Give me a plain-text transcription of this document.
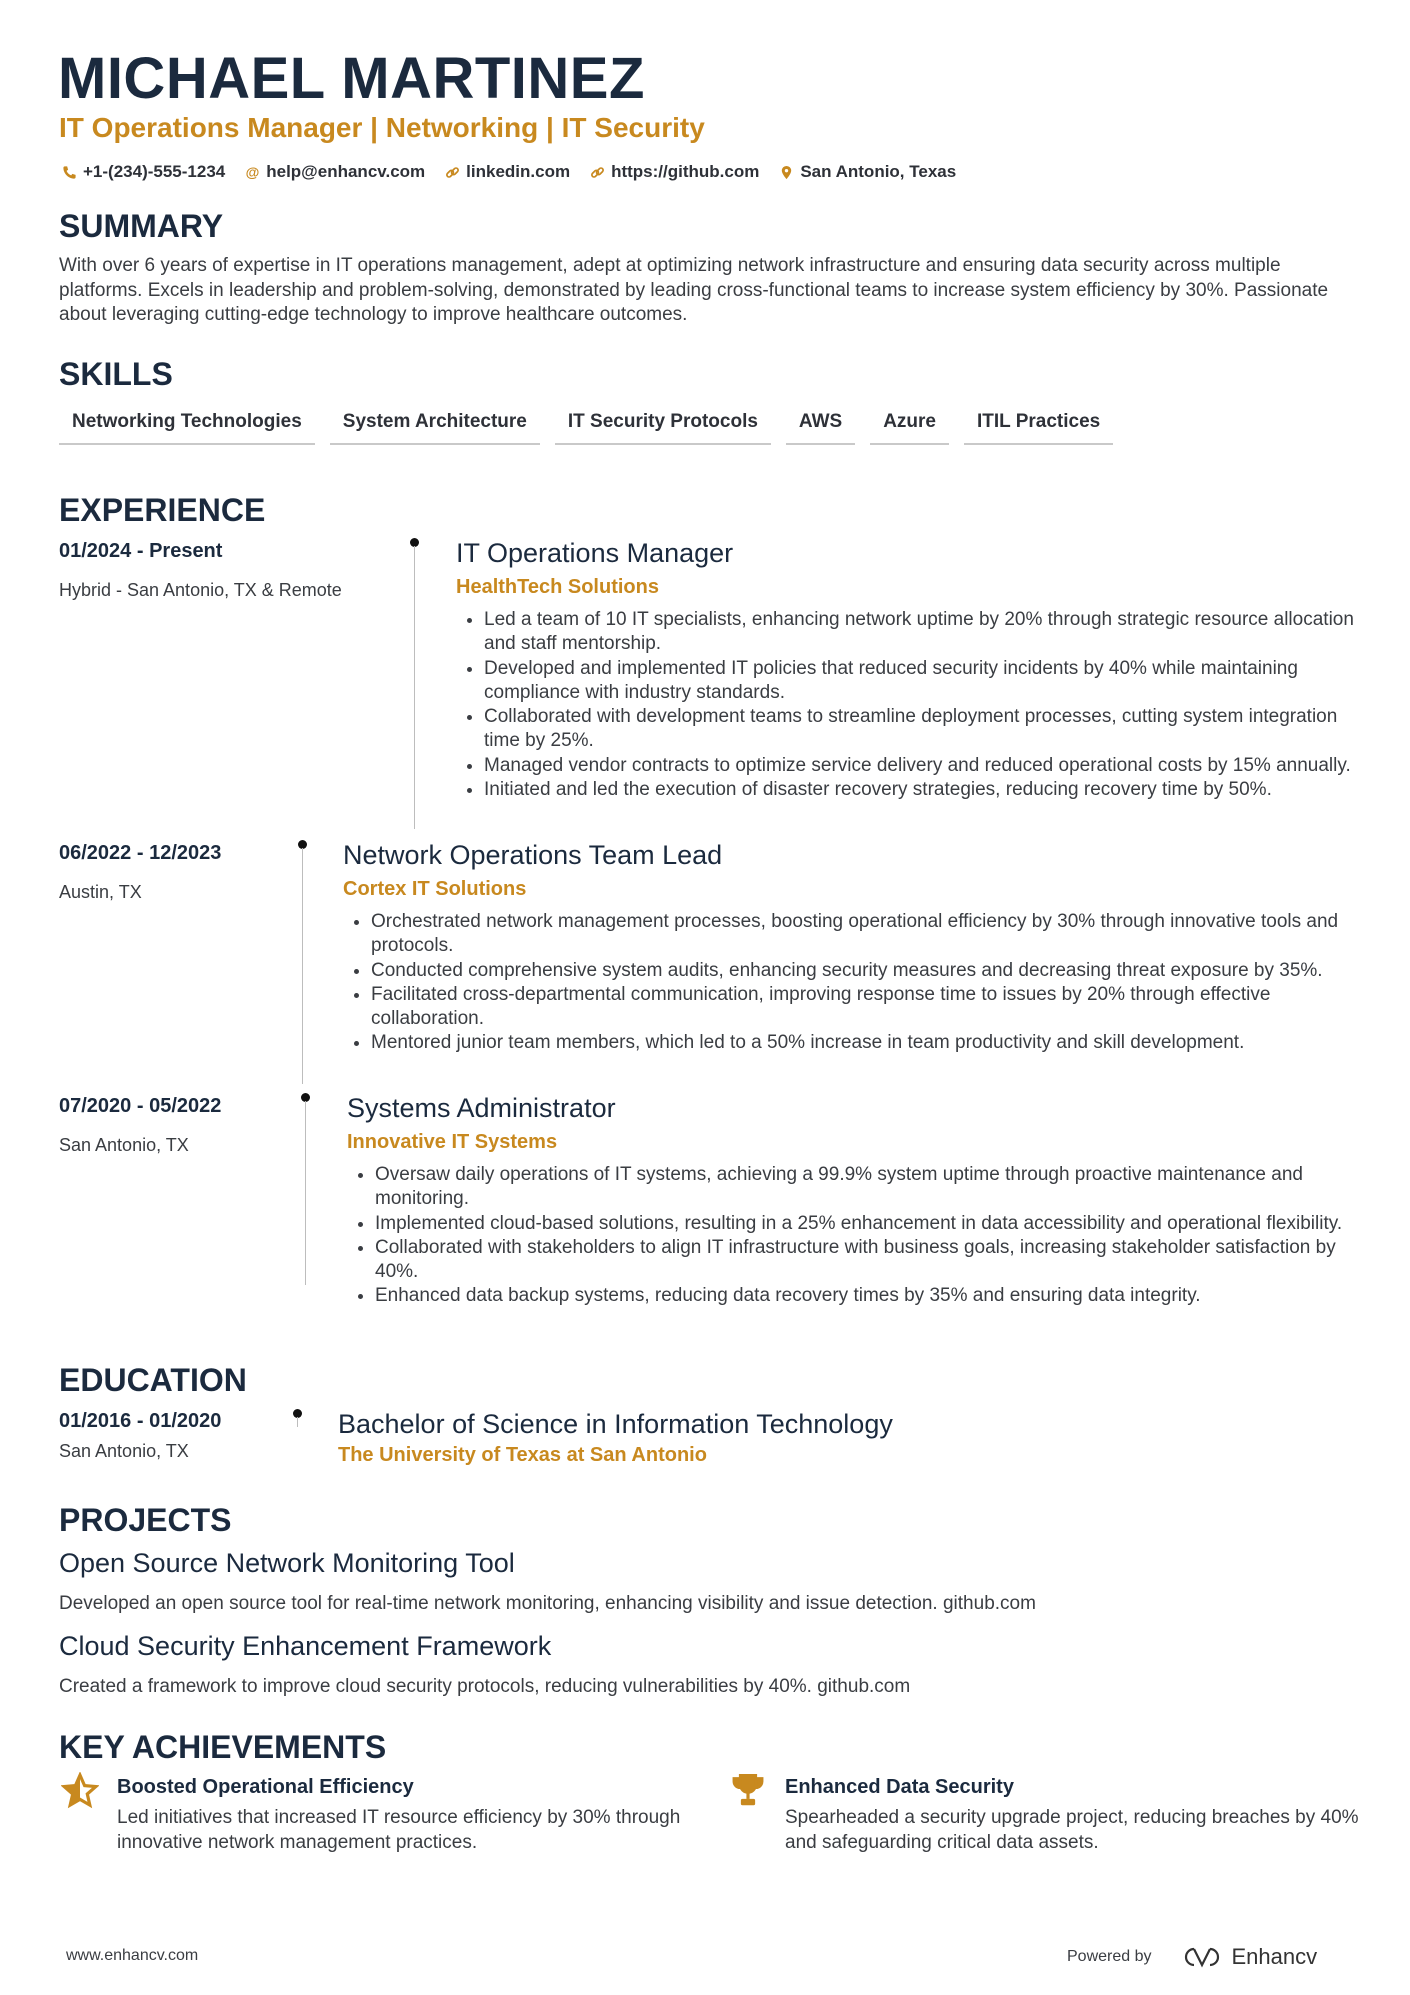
MICHAEL MARTINEZ
IT Operations Manager | Networking | IT Security
+1-(234)-555-1234 @ help@enhancv.com linkedin.com https://github.com San Antonio, Texas
SUMMARY
With over 6 years of expertise in IT operations management, adept at optimizing network infrastructure and ensuring data security across multiple platforms. Excels in leadership and problem-solving, demonstrated by leading cross-functional teams to increase system efficiency by 30%. Passionate about leveraging cutting-edge technology to improve healthcare outcomes.
SKILLS
Networking Technologies	System Architecture	IT Security Protocols	AWS	Azure	ITIL Practices
EXPERIENCE
01/2024 - Present
Hybrid - San Antonio, TX & Remote
IT Operations Manager
HealthTech Solutions
• Led a team of 10 IT specialists, enhancing network uptime by 20% through strategic resource allocation and staff mentorship.
• Developed and implemented IT policies that reduced security incidents by 40% while maintaining compliance with industry standards.
• Collaborated with development teams to streamline deployment processes, cutting system integration time by 25%.
• Managed vendor contracts to optimize service delivery and reduced operational costs by 15% annually.
• Initiated and led the execution of disaster recovery strategies, reducing recovery time by 50%.
06/2022 - 12/2023
Austin, TX
Network Operations Team Lead
Cortex IT Solutions
• Orchestrated network management processes, boosting operational efficiency by 30% through innovative tools and protocols.
• Conducted comprehensive system audits, enhancing security measures and decreasing threat exposure by 35%.
• Facilitated cross-departmental communication, improving response time to issues by 20% through effective collaboration.
• Mentored junior team members, which led to a 50% increase in team productivity and skill development.
07/2020 - 05/2022
San Antonio, TX
Systems Administrator
Innovative IT Systems
• Oversaw daily operations of IT systems, achieving a 99.9% system uptime through proactive maintenance and monitoring.
• Implemented cloud-based solutions, resulting in a 25% enhancement in data accessibility and operational flexibility.
• Collaborated with stakeholders to align IT infrastructure with business goals, increasing stakeholder satisfaction by 40%.
• Enhanced data backup systems, reducing data recovery times by 35% and ensuring data integrity.
EDUCATION
01/2016 - 01/2020
San Antonio, TX
Bachelor of Science in Information Technology
The University of Texas at San Antonio
PROJECTS
Open Source Network Monitoring Tool
Developed an open source tool for real-time network monitoring, enhancing visibility and issue detection. github.com
Cloud Security Enhancement Framework
Created a framework to improve cloud security protocols, reducing vulnerabilities by 40%. github.com
KEY ACHIEVEMENTS
Boosted Operational Efficiency
Led initiatives that increased IT resource efficiency by 30% through innovative network management practices.
Enhanced Data Security
Spearheaded a security upgrade project, reducing breaches by 40% and safeguarding critical data assets.
www.enhancv.com	Powered by	Enhancv
